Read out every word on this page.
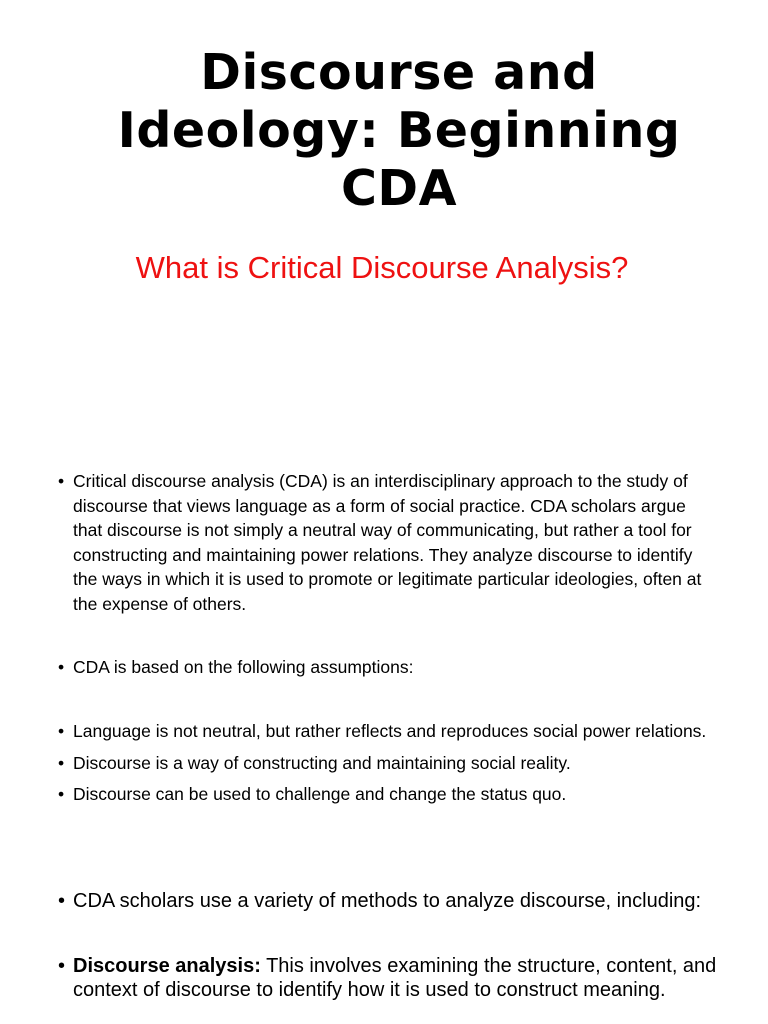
Discourse and Ideology: Beginning CDA
What is Critical Discourse Analysis?
• Critical discourse analysis (CDA) is an interdisciplinary approach to the study of discourse that views language as a form of social practice. CDA scholars argue that discourse is not simply a neutral way of communicating, but rather a tool for constructing and maintaining power relations. They analyze discourse to identify the ways in which it is used to promote or legitimate particular ideologies, often at the expense of others.
• CDA is based on the following assumptions:
• Language is not neutral, but rather reflects and reproduces social power relations.
• Discourse is a way of constructing and maintaining social reality.
• Discourse can be used to challenge and change the status quo.
• CDA scholars use a variety of methods to analyze discourse, including:
• Discourse analysis: This involves examining the structure, content, and context of discourse to identify how it is used to construct meaning.
